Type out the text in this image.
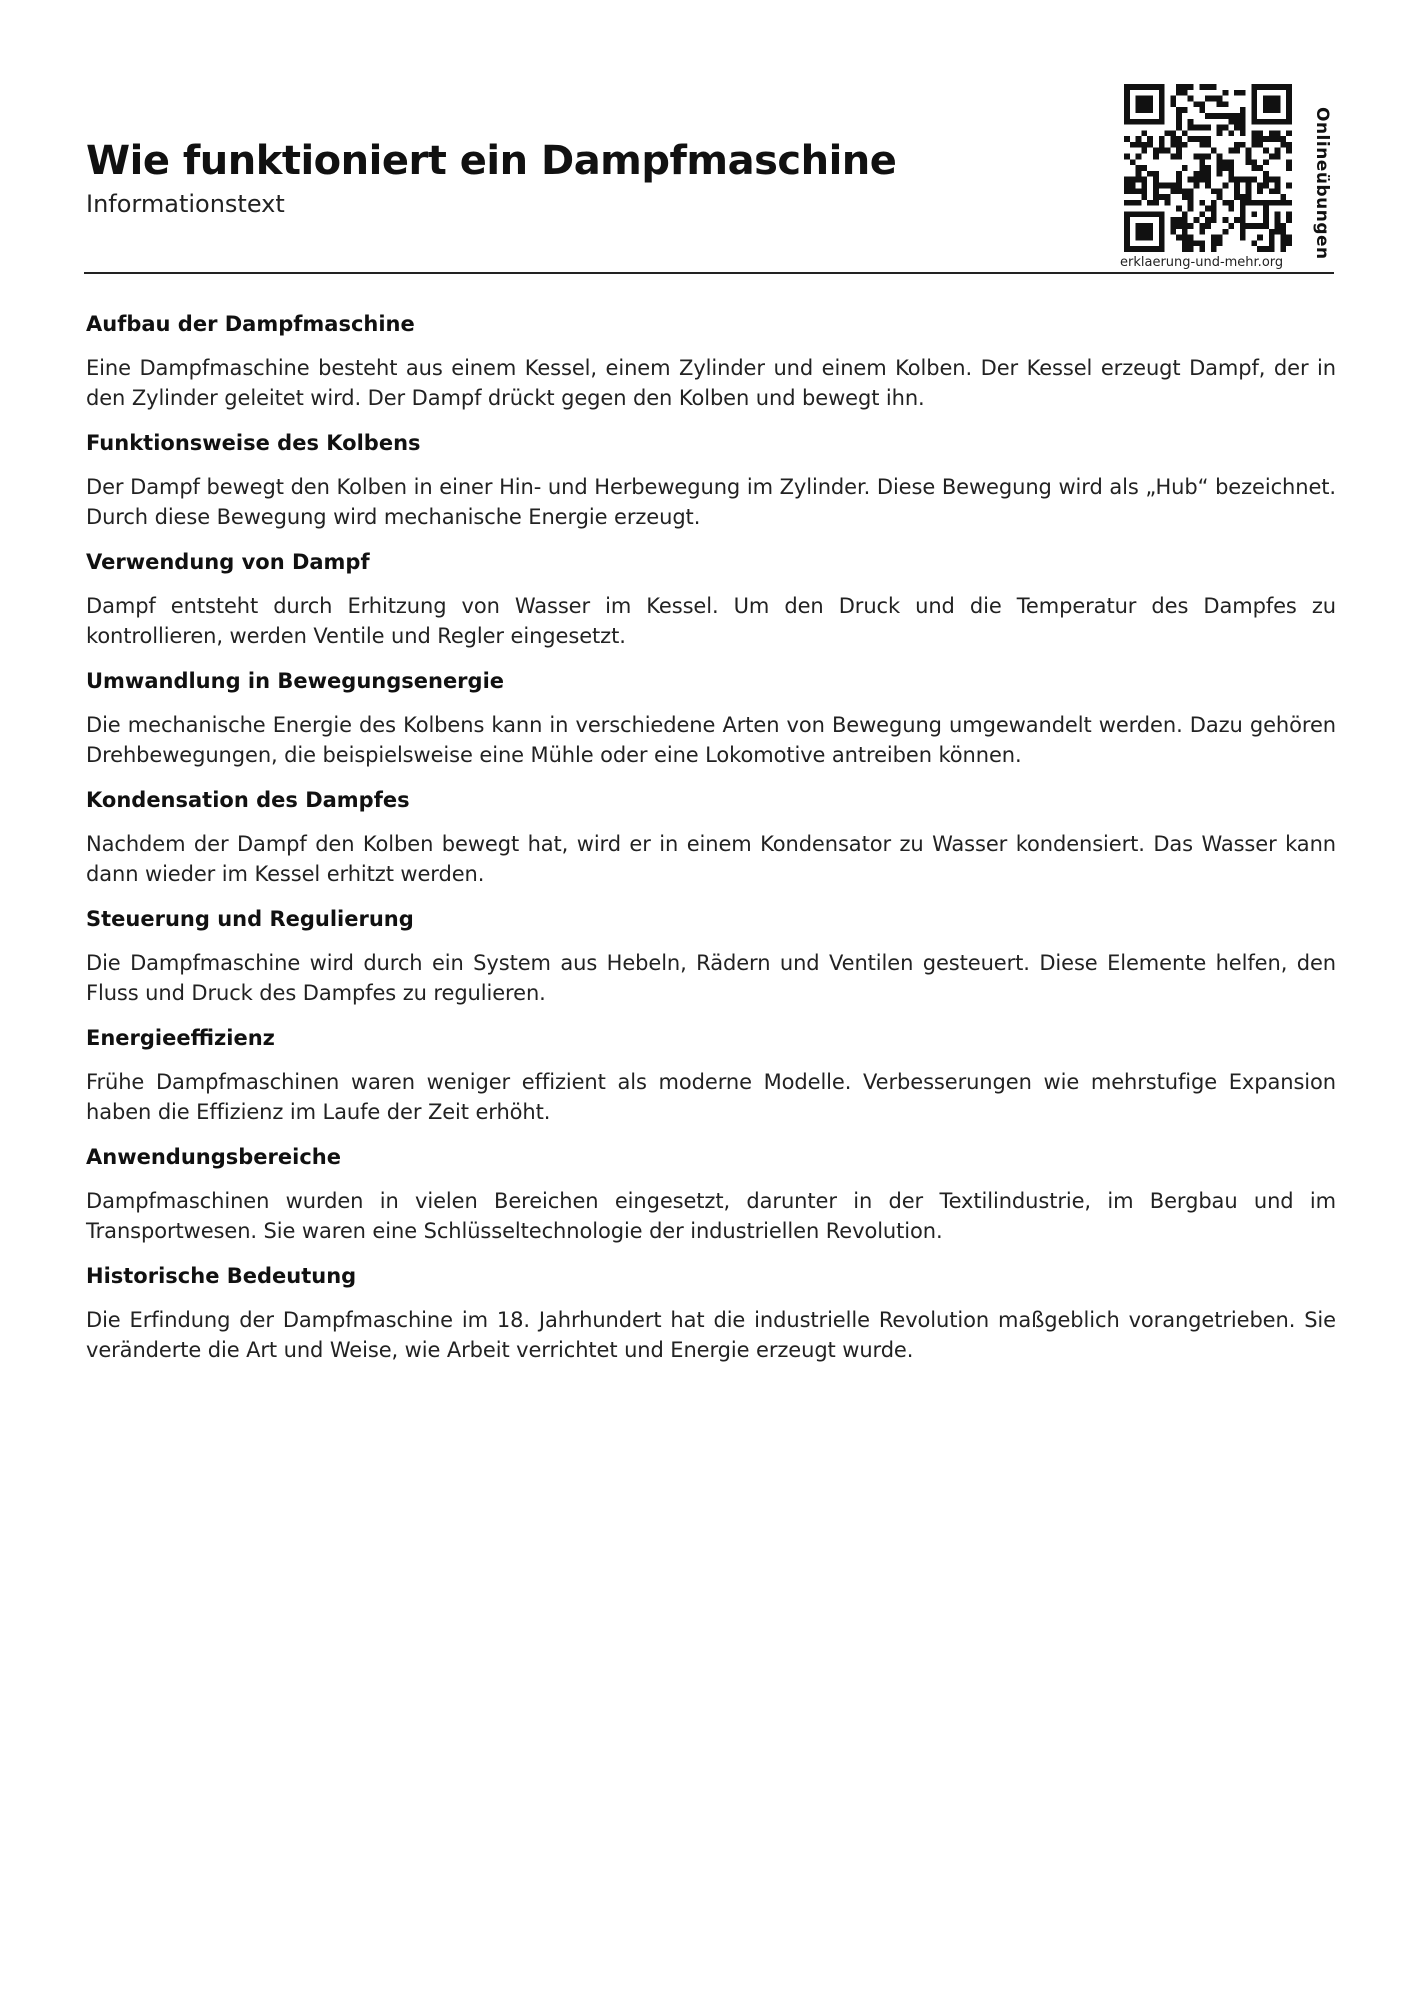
Wie funktioniert ein Dampfmaschine

Informationstext	Onlineübungen
erklaerung-und-mehr.org
Aufbau der Dampfmaschine

Eine Dampfmaschine besteht aus einem Kessel, einem Zylinder und einem Kolben. Der Kessel erzeugt Dampf, der in den Zylinder geleitet wird. Der Dampf drückt gegen den Kolben und bewegt ihn.

Funktionsweise des Kolbens

Der Dampf bewegt den Kolben in einer Hin- und Herbewegung im Zylinder. Diese Bewegung wird als „Hub“ bezeichnet. Durch diese Bewegung wird mechanische Energie erzeugt.

Verwendung von Dampf

Dampf entsteht durch Erhitzung von Wasser im Kessel. Um den Druck und die Temperatur des Dampfes zu kontrollieren, werden Ventile und Regler eingesetzt.

Umwandlung in Bewegungsenergie

Die mechanische Energie des Kolbens kann in verschiedene Arten von Bewegung umgewandelt werden. Dazu gehören Drehbewegungen, die beispielsweise eine Mühle oder eine Lokomotive antreiben können.

Kondensation des Dampfes

Nachdem der Dampf den Kolben bewegt hat, wird er in einem Kondensator zu Wasser kondensiert. Das Wasser kann dann wieder im Kessel erhitzt werden.

Steuerung und Regulierung

Die Dampfmaschine wird durch ein System aus Hebeln, Rädern und Ventilen gesteuert. Diese Elemente helfen, den Fluss und Druck des Dampfes zu regulieren.

Energieeffizienz

Frühe Dampfmaschinen waren weniger effizient als moderne Modelle. Verbesserungen wie mehrstufige Expansion haben die Effizienz im Laufe der Zeit erhöht.

Anwendungsbereiche

Dampfmaschinen wurden in vielen Bereichen eingesetzt, darunter in der Textilindustrie, im Bergbau und im Transportwesen. Sie waren eine Schlüsseltechnologie der industriellen Revolution.

Historische Bedeutung

Die Erfindung der Dampfmaschine im 18. Jahrhundert hat die industrielle Revolution maßgeblich vorangetrieben. Sie veränderte die Art und Weise, wie Arbeit verrichtet und Energie erzeugt wurde.
